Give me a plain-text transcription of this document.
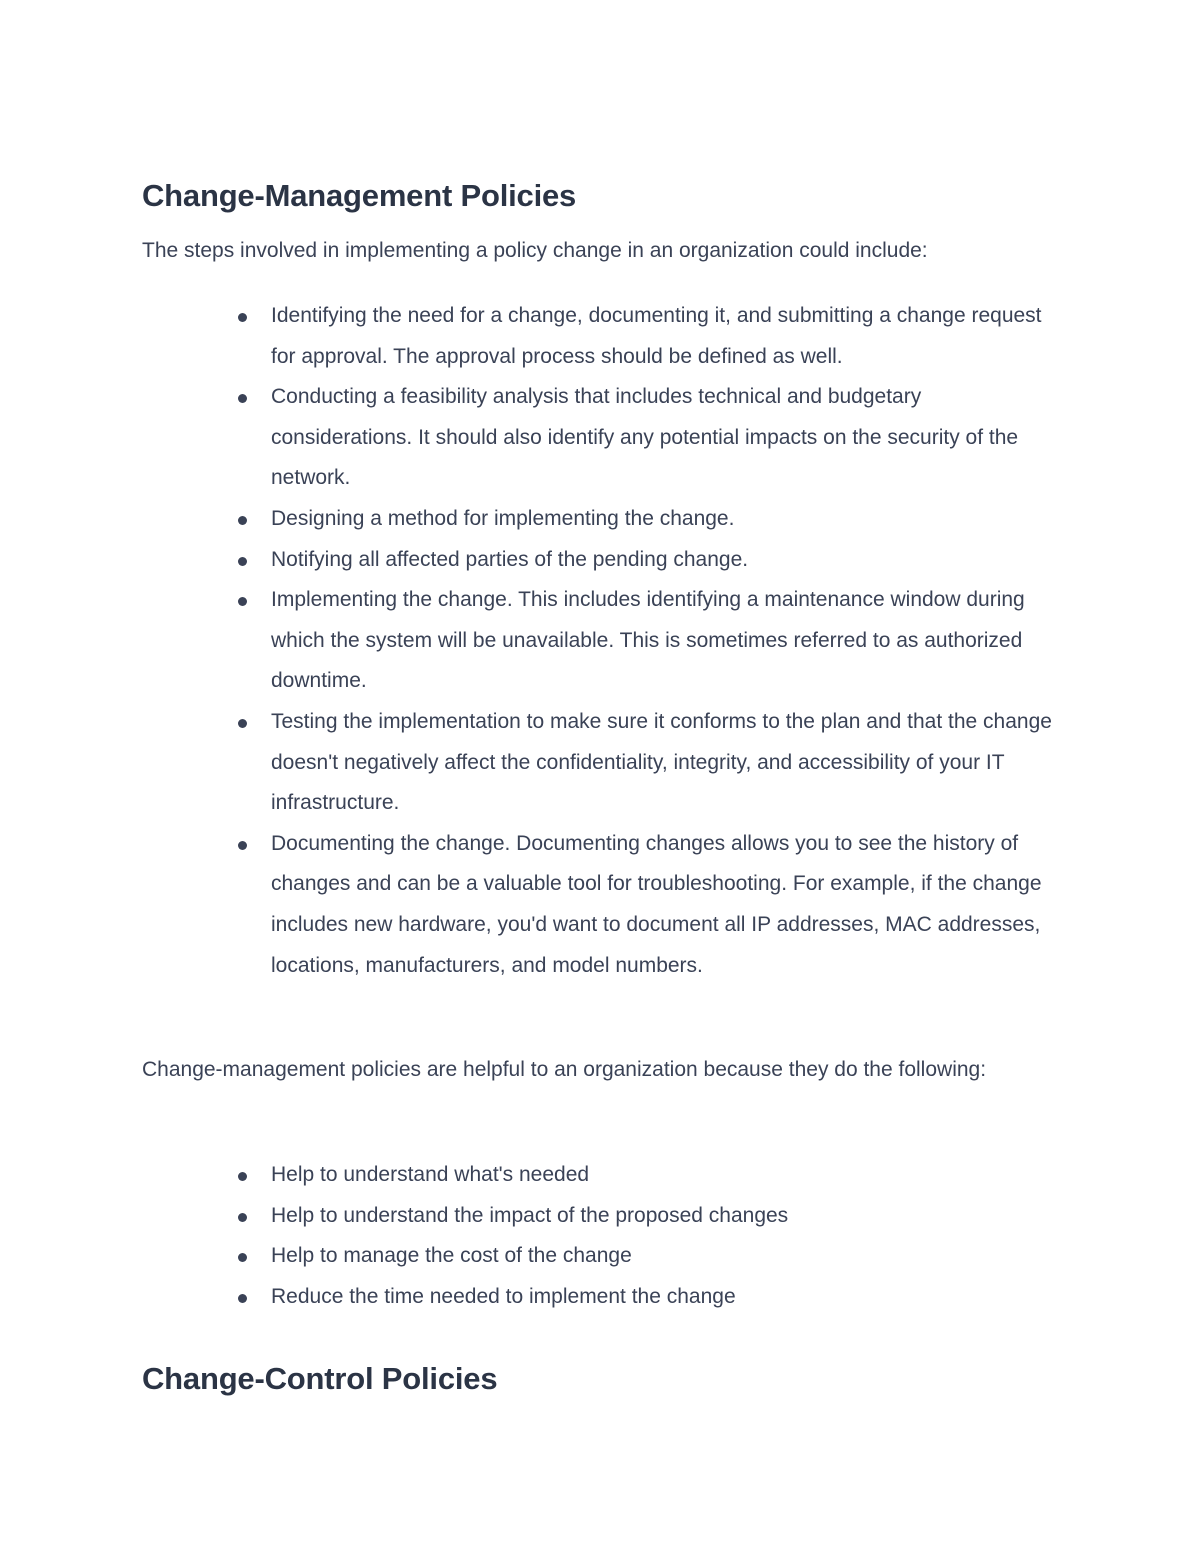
Change-Management Policies

The steps involved in implementing a policy change in an organization could include:

Identifying the need for a change, documenting it, and submitting a change request for approval. The approval process should be defined as well.
Conducting a feasibility analysis that includes technical and budgetary considerations. It should also identify any potential impacts on the security of the network.
Designing a method for implementing the change.
Notifying all affected parties of the pending change.
Implementing the change. This includes identifying a maintenance window during which the system will be unavailable. This is sometimes referred to as authorized downtime.
Testing the implementation to make sure it conforms to the plan and that the change doesn't negatively affect the confidentiality, integrity, and accessibility of your IT infrastructure.
Documenting the change. Documenting changes allows you to see the history of changes and can be a valuable tool for troubleshooting. For example, if the change includes new hardware, you'd want to document all IP addresses, MAC addresses, locations, manufacturers, and model numbers.

Change-management policies are helpful to an organization because they do the following:

Help to understand what's needed
Help to understand the impact of the proposed changes
Help to manage the cost of the change
Reduce the time needed to implement the change
Change-Control Policies
